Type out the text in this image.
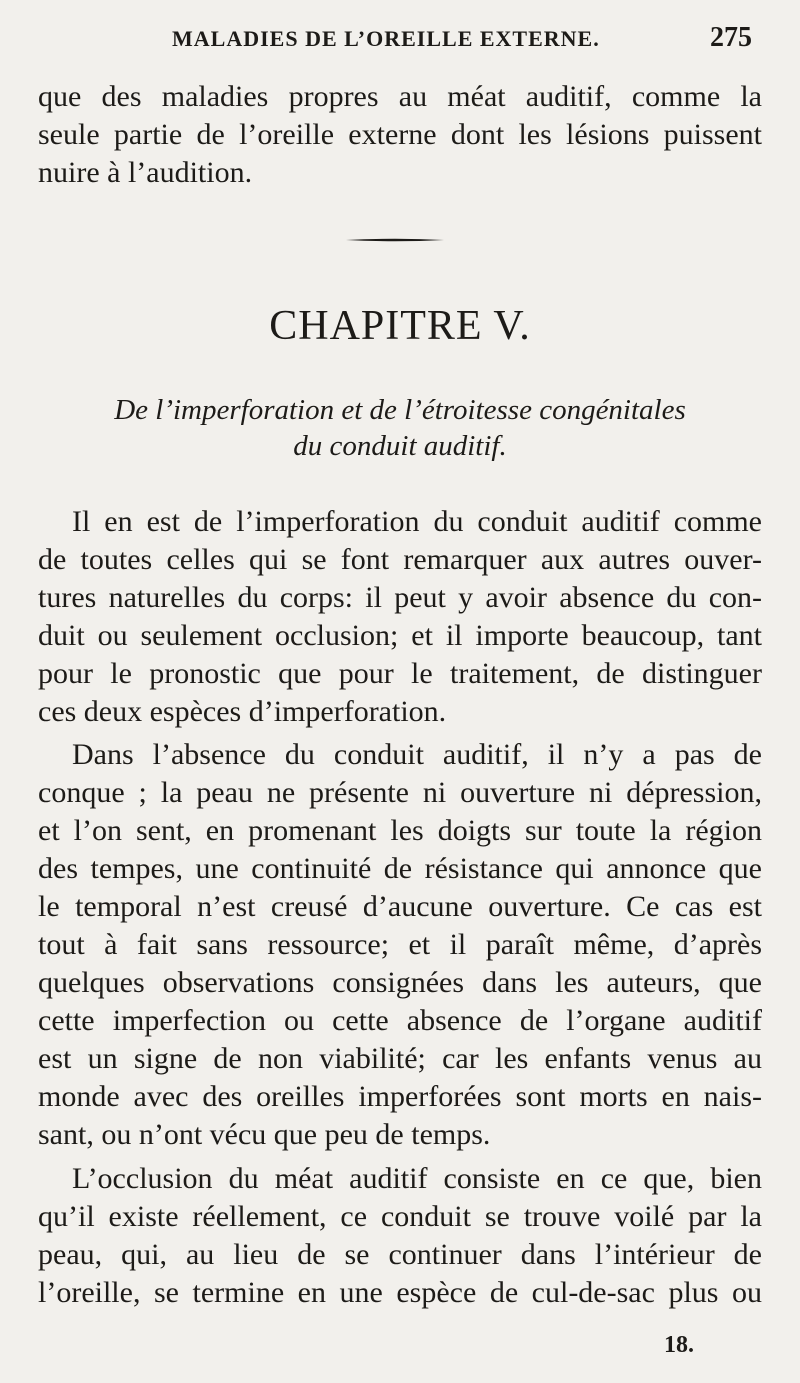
MALADIES DE L’OREILLE EXTERNE.	275
que des maladies propres au méat auditif, comme la
seule partie de l’oreille externe dont les lésions puissent
nuire à l’audition.
CHAPITRE V.
De l’imperforation et de l’étroitesse congénitales
du conduit auditif.
Il en est de l’imperforation du conduit auditif comme
de toutes celles qui se font remarquer aux autres ouver-
tures naturelles du corps: il peut y avoir absence du con-
duit ou seulement occlusion; et il importe beaucoup, tant
pour le pronostic que pour le traitement, de distinguer
ces deux espèces d’imperforation.
Dans l’absence du conduit auditif, il n’y a pas de
conque ; la peau ne présente ni ouverture ni dépression,
et l’on sent, en promenant les doigts sur toute la région
des tempes, une continuité de résistance qui annonce que
le temporal n’est creusé d’aucune ouverture. Ce cas est
tout à fait sans ressource; et il paraît même, d’après
quelques observations consignées dans les auteurs, que
cette imperfection ou cette absence de l’organe auditif
est un signe de non viabilité; car les enfants venus au
monde avec des oreilles imperforées sont morts en nais-
sant, ou n’ont vécu que peu de temps.
L’occlusion du méat auditif consiste en ce que, bien
qu’il existe réellement, ce conduit se trouve voilé par la
peau, qui, au lieu de se continuer dans l’intérieur de
l’oreille, se termine en une espèce de cul-de-sac plus ou
18.
